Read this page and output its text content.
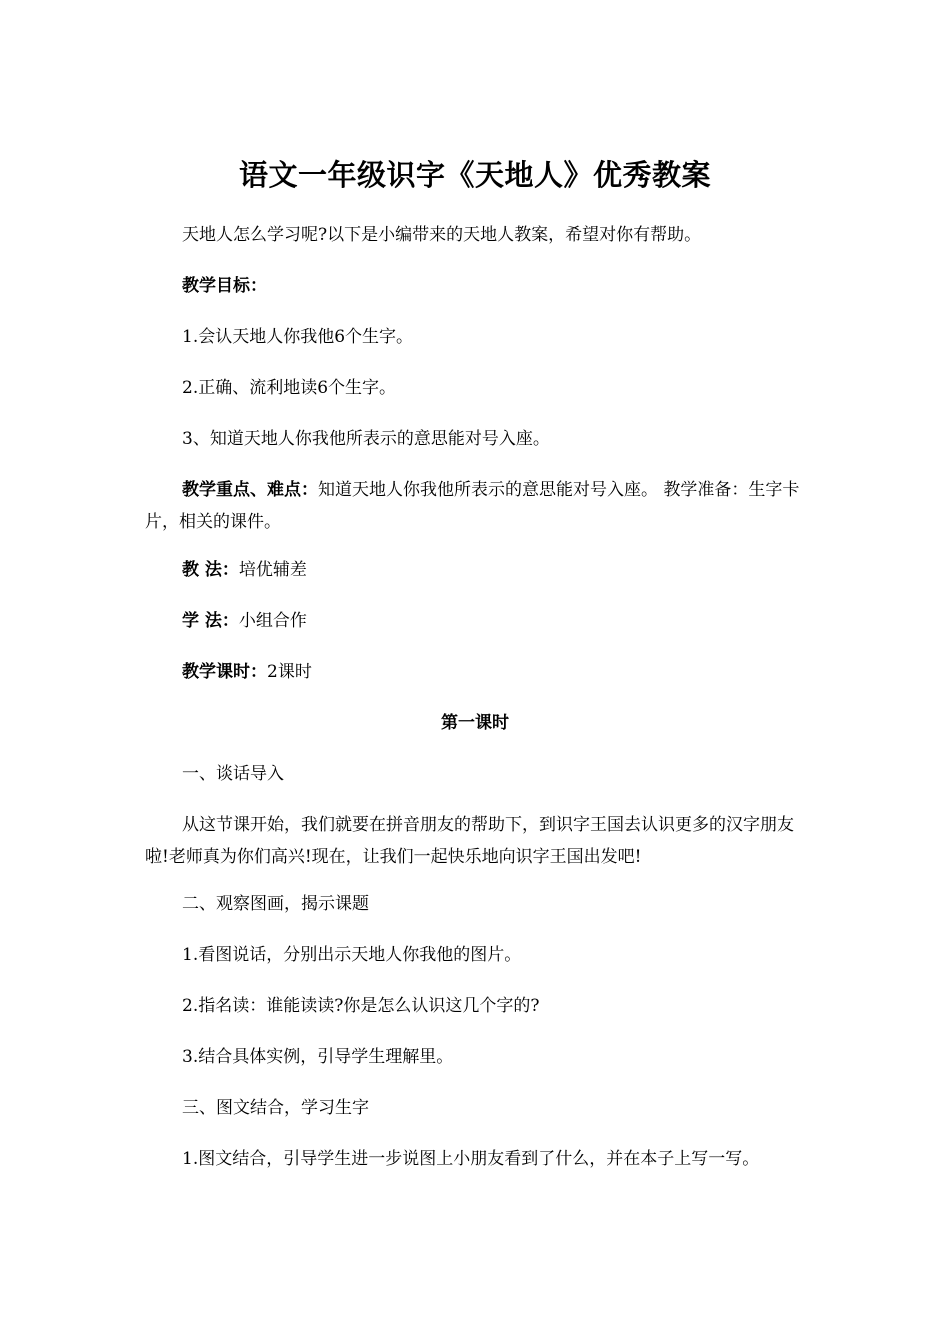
语文一年级识字《天地人》优秀教案
天地人怎么学习呢?以下是小编带来的天地人教案，希望对你有帮助。
教学目标：
1.会认天地人你我他6个生字。
2.正确、流利地读6个生字。
3、知道天地人你我他所表示的意思能对号入座。
教学重点、难点：知道天地人你我他所表示的意思能对号入座。 教学准备：生字卡片，相关的课件。
教 法：培优辅差
学 法：小组合作
教学课时：2课时
第一课时
一、谈话导入
从这节课开始，我们就要在拼音朋友的帮助下，到识字王国去认识更多的汉字朋友啦!老师真为你们高兴!现在，让我们一起快乐地向识字王国出发吧!
二、观察图画，揭示课题
1.看图说话，分别出示天地人你我他的图片。
2.指名读：谁能读读?你是怎么认识这几个字的?
3.结合具体实例，引导学生理解里。
三、图文结合，学习生字
1.图文结合，引导学生进一步说图上小朋友看到了什么，并在本子上写一写。
